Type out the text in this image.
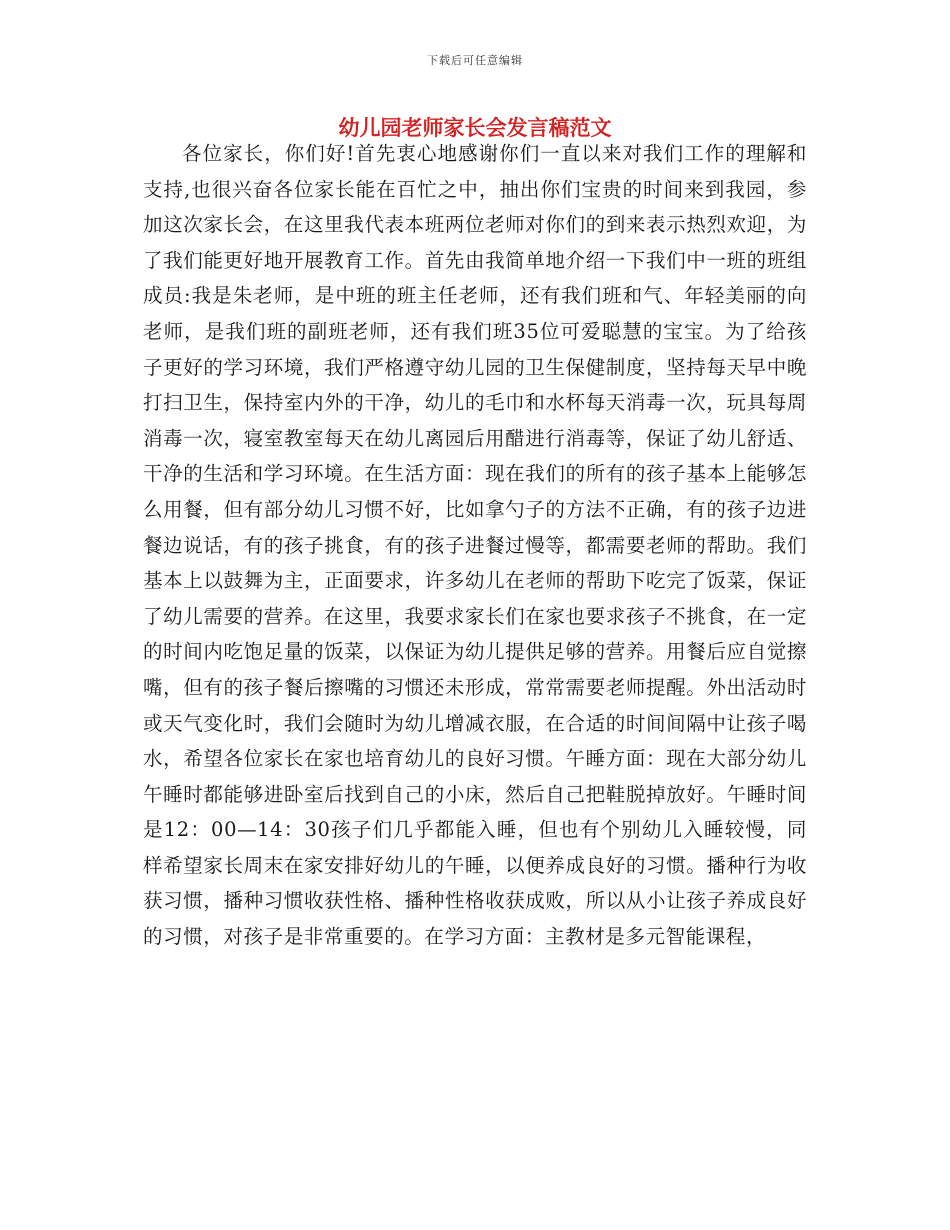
下载后可任意编辑
幼儿园老师家长会发言稿范文

各位家长，你们好!首先衷心地感谢你们一直以来对我们工作的理解和支持,也很兴奋各位家长能在百忙之中，抽出你们宝贵的时间来到我园，参加这次家长会，在这里我代表本班两位老师对你们的到来表示热烈欢迎，为了我们能更好地开展教育工作。首先由我简单地介绍一下我们中一班的班组成员:我是朱老师，是中班的班主任老师，还有我们班和气、年轻美丽的向老师，是我们班的副班老师，还有我们班35位可爱聪慧的宝宝。为了给孩子更好的学习环境，我们严格遵守幼儿园的卫生保健制度，坚持每天早中晚打扫卫生，保持室内外的干净，幼儿的毛巾和水杯每天消毒一次，玩具每周消毒一次，寝室教室每天在幼儿离园后用醋进行消毒等，保证了幼儿舒适、干净的生活和学习环境。在生活方面：现在我们的所有的孩子基本上能够怎么用餐，但有部分幼儿习惯不好，比如拿勺子的方法不正确，有的孩子边进餐边说话，有的孩子挑食，有的孩子进餐过慢等，都需要老师的帮助。我们基本上以鼓舞为主，正面要求，许多幼儿在老师的帮助下吃完了饭菜，保证了幼儿需要的营养。在这里，我要求家长们在家也要求孩子不挑食，在一定的时间内吃饱足量的饭菜，以保证为幼儿提供足够的营养。用餐后应自觉擦嘴，但有的孩子餐后擦嘴的习惯还未形成，常常需要老师提醒。外出活动时或天气变化时，我们会随时为幼儿增减衣服，在合适的时间间隔中让孩子喝水，希望各位家长在家也培育幼儿的良好习惯。午睡方面：现在大部分幼儿午睡时都能够进卧室后找到自己的小床，然后自己把鞋脱掉放好。午睡时间是12：00—14：30孩子们几乎都能入睡，但也有个别幼儿入睡较慢，同样希望家长周末在家安排好幼儿的午睡，以便养成良好的习惯。播种行为收获习惯，播种习惯收获性格、播种性格收获成败，所以从小让孩子养成良好的习惯，对孩子是非常重要的。在学习方面：主教材是多元智能课程，
